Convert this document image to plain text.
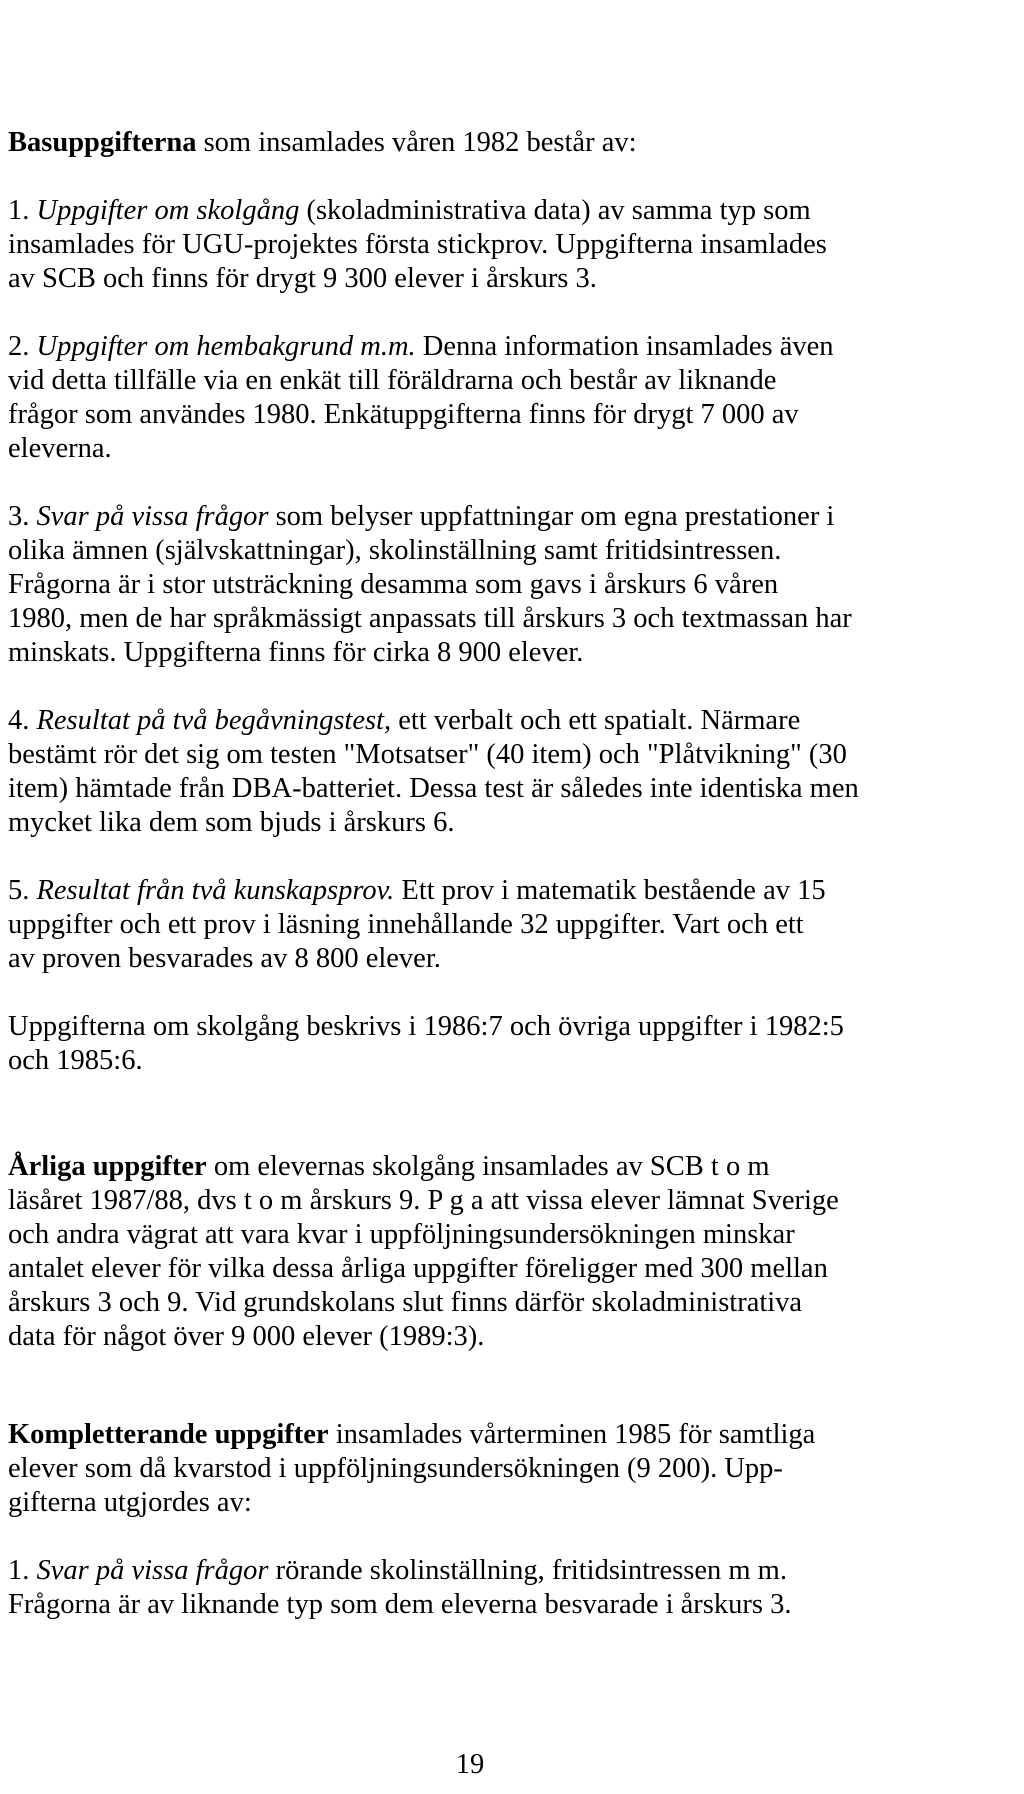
Basuppgifterna som insamlades våren 1982 består av:

1. Uppgifter om skolgång (skoladministrativa data) av samma typ som
insamlades för UGU-projektes första stickprov. Uppgifterna insamlades
av SCB och finns för drygt 9 300 elever i årskurs 3.

2. Uppgifter om hembakgrund m.m. Denna information insamlades även
vid detta tillfälle via en enkät till föräldrarna och består av liknande
frågor som användes 1980. Enkätuppgifterna finns för drygt 7 000 av
eleverna.

3. Svar på vissa frågor som belyser uppfattningar om egna prestationer i
olika ämnen (självskattningar), skolinställning samt fritidsintressen.
Frågorna är i stor utsträckning desamma som gavs i årskurs 6 våren
1980, men de har språkmässigt anpassats till årskurs 3 och textmassan har
minskats. Uppgifterna finns för cirka 8 900 elever.

4. Resultat på två begåvningstest, ett verbalt och ett spatialt. Närmare
bestämt rör det sig om testen "Motsatser" (40 item) och "Plåtvikning" (30
item) hämtade från DBA-batteriet. Dessa test är således inte identiska men
mycket lika dem som bjuds i årskurs 6.

5. Resultat från två kunskapsprov. Ett prov i matematik bestående av 15
uppgifter och ett prov i läsning innehållande 32 uppgifter. Vart och ett
av proven besvarades av 8 800 elever.

Uppgifterna om skolgång beskrivs i 1986:7 och övriga uppgifter i 1982:5
och 1985:6.

Årliga uppgifter om elevernas skolgång insamlades av SCB t o m
läsåret 1987/88, dvs t o m årskurs 9. P g a att vissa elever lämnat Sverige
och andra vägrat att vara kvar i uppföljningsundersökningen minskar
antalet elever för vilka dessa årliga uppgifter föreligger med 300 mellan
årskurs 3 och 9. Vid grundskolans slut finns därför skoladministrativa
data för något över 9 000 elever (1989:3).

Kompletterande uppgifter insamlades vårterminen 1985 för samtliga
elever som då kvarstod i uppföljningsundersökningen (9 200). Upp-
gifterna utgjordes av:

1. Svar på vissa frågor rörande skolinställning, fritidsintressen m m.
Frågorna är av liknande typ som dem eleverna besvarade i årskurs 3.

19
